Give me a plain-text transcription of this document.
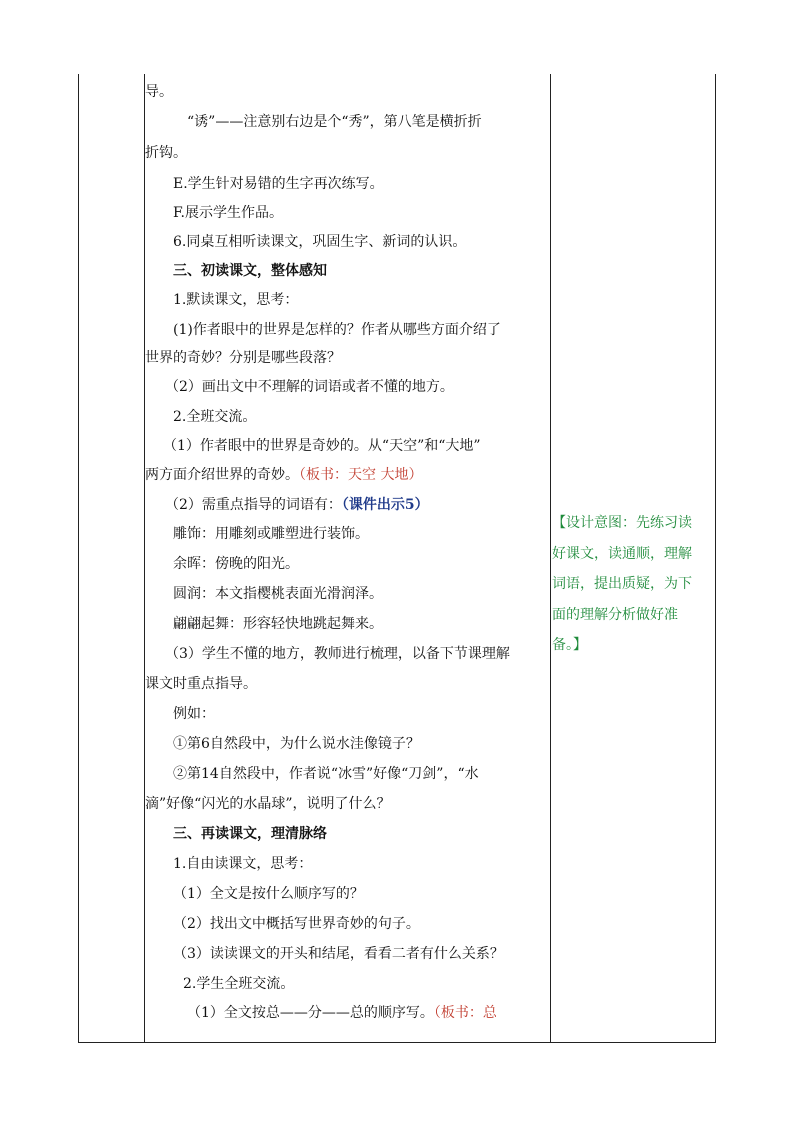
两方面介绍世界的奇妙。（板书：天空 大地）
（1）全文按总——分——总的顺序写。（板书：总
导。
“诱”——注意别右边是个“秀”，第八笔是横折折
折钩。
E.学生针对易错的生字再次练写。
F.展示学生作品。
6.同桌互相听读课文，巩固生字、新词的认识。
三、初读课文，整体感知
1.默读课文，思考：
(1)作者眼中的世界是怎样的？作者从哪些方面介绍了
世界的奇妙？分别是哪些段落？
（2）画出文中不理解的词语或者不懂的地方。
2.全班交流。
（1）作者眼中的世界是奇妙的。从“天空”和“大地”
（2）需重点指导的词语有：（课件出示5）
雕饰：用雕刻或雕塑进行装饰。
余晖：傍晚的阳光。
圆润：本文指樱桃表面光滑润泽。
翩翩起舞：形容轻快地跳起舞来。
（3）学生不懂的地方，教师进行梳理，以备下节课理解
课文时重点指导。
例如：
①第6自然段中，为什么说水洼像镜子？
②第14自然段中，作者说“冰雪”好像“刀剑”，“水
滴”好像“闪光的水晶球”，说明了什么？
三、再读课文，理清脉络
1.自由读课文，思考：
（1）全文是按什么顺序写的？
（2）找出文中概括写世界奇妙的句子。
（3）读读课文的开头和结尾，看看二者有什么关系？
2.学生全班交流。
【设计意图：先练习读
好课文，读通顺，理解
词语，提出质疑，为下
面的理解分析做好准
备。】
